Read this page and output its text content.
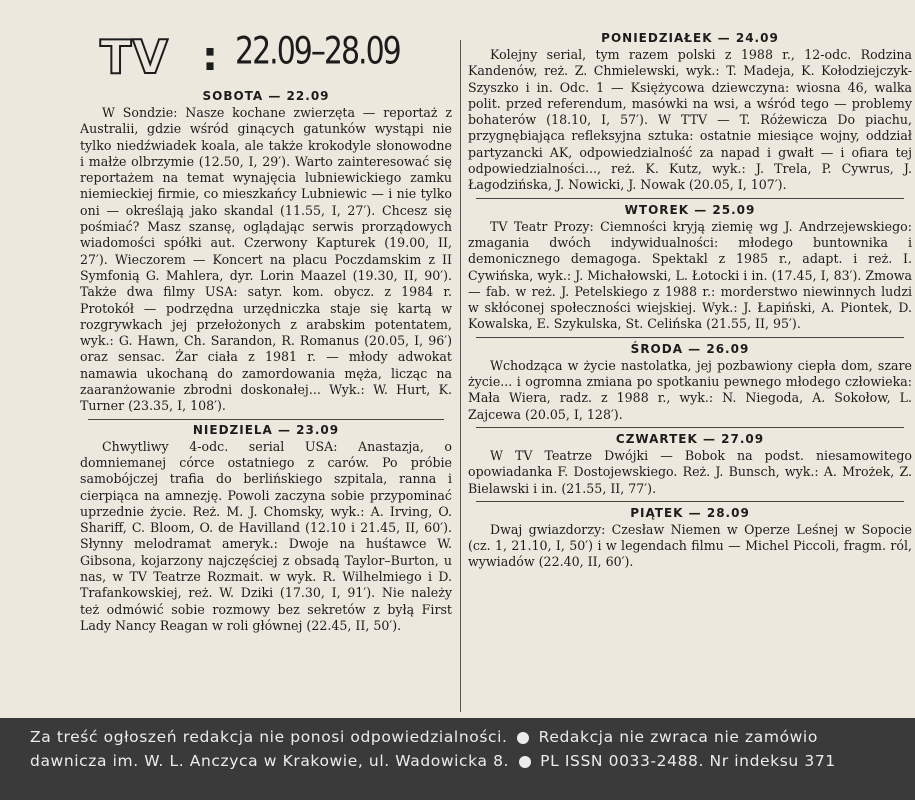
TV : 22.09–28.09
SOBOTA — 22.09

W Sondzie: Nasze kochane zwierzęta — reportaż z Australii, gdzie wśród ginących gatunków wystąpi nie tylko niedźwiadek koala, ale także krokodyle słonowodne i małże olbrzymie (12.50, I, 29′). Warto zainteresować się reportażem na temat wynajęcia lubniewickiego zamku niemieckiej firmie, co mieszkańcy Lubniewic — i nie tylko oni — określają jako skandal (11.55, I, 27′). Chcesz się pośmiać? Masz szansę, oglądając serwis prorządowych wiadomości spółki aut. Czerwony Kapturek (19.00, II, 27′). Wieczorem — Koncert na placu Poczdamskim z II Symfonią G. Mahlera, dyr. Lorin Maazel (19.30, II, 90′). Także dwa filmy USA: satyr. kom. obycz. z 1984 r. Protokół — podrzędna urzędniczka staje się kartą w rozgrywkach jej przełożonych z arabskim potentatem, wyk.: G. Hawn, Ch. Sarandon, R. Romanus (20.05, I, 96′) oraz sensac. Żar ciała z 1981 r. — młody adwokat namawia ukochaną do zamordowania męża, licząc na zaaranżowanie zbrodni doskonałej... Wyk.: W. Hurt, K. Turner (23.35, I, 108′).

NIEDZIELA — 23.09

Chwytliwy 4-odc. serial USA: Anastazja, o domniemanej córce ostatniego z carów. Po próbie samobójczej trafia do berlińskiego szpitala, ranna i cierpiąca na amnezję. Powoli zaczyna sobie przypominać uprzednie życie. Reż. M. J. Chomsky, wyk.: A. Irving, O. Shariff, C. Bloom, O. de Havilland (12.10 i 21.45, II, 60′). Słynny melodramat ameryk.: Dwoje na huśtawce W. Gibsona, kojarzony najczęściej z obsadą Taylor–Burton, u nas, w TV Teatrze Rozmait. w wyk. R. Wilhelmiego i D. Trafankowskiej, reż. W. Dziki (17.30, I, 91′). Nie należy też odmówić sobie rozmowy bez sekretów z byłą First Lady Nancy Reagan w roli głównej (22.45, II, 50′).

PONIEDZIAŁEK — 24.09

Kolejny serial, tym razem polski z 1988 r., 12-odc. Rodzina Kandenów, reż. Z. Chmielewski, wyk.: T. Madeja, K. Kołodziejczyk-Szyszko i in. Odc. 1 — Księżycowa dziewczyna: wiosna 46, walka polit. przed referendum, masówki na wsi, a wśród tego — problemy bohaterów (18.10, I, 57′). W TTV — T. Różewicza Do piachu, przygnębiająca refleksyjna sztuka: ostatnie miesiące wojny, oddział partyzancki AK, odpowiedzialność za napad i gwałt — i ofiara tej odpowiedzialności..., reż. K. Kutz, wyk.: J. Trela, P. Cywrus, J. Łagodzińska, J. Nowicki, J. Nowak (20.05, I, 107′).

WTOREK — 25.09

TV Teatr Prozy: Ciemności kryją ziemię wg J. Andrzejewskiego: zmagania dwóch indywidualności: młodego buntownika i demonicznego demagoga. Spektakl z 1985 r., adapt. i reż. I. Cywińska, wyk.: J. Michałowski, L. Łotocki i in. (17.45, I, 83′). Zmowa — fab. w reż. J. Petelskiego z 1988 r.: morderstwo niewinnych ludzi w skłóconej społeczności wiejskiej. Wyk.: J. Łapiński, A. Piontek, D. Kowalska, E. Szykulska, St. Celińska (21.55, II, 95′).

ŚRODA — 26.09

Wchodząca w życie nastolatka, jej pozbawiony ciepła dom, szare życie... i ogromna zmiana po spotkaniu pewnego młodego człowieka: Mała Wiera, radz. z 1988 r., wyk.: N. Niegoda, A. Sokołow, L. Zajcewa (20.05, I, 128′).

CZWARTEK — 27.09

W TV Teatrze Dwójki — Bobok na podst. niesamowitego opowiadanka F. Dostojewskiego. Reż. J. Bunsch, wyk.: A. Mrożek, Z. Bielawski i in. (21.55, II, 77′).

PIĄTEK — 28.09

Dwaj gwiazdorzy: Czesław Niemen w Operze Leśnej w Sopocie (cz. 1, 21.10, I, 50′) i w legendach filmu — Michel Piccoli, fragm. ról, wywiadów (22.40, II, 60′).

Za treść ogłoszeń redakcja nie ponosi odpowiedzialności. Redakcja nie zwraca nie zamówio
dawnicza im. W. L. Anczyca w Krakowie, ul. Wadowicka 8. PL ISSN 0033-2488. Nr indeksu 371
